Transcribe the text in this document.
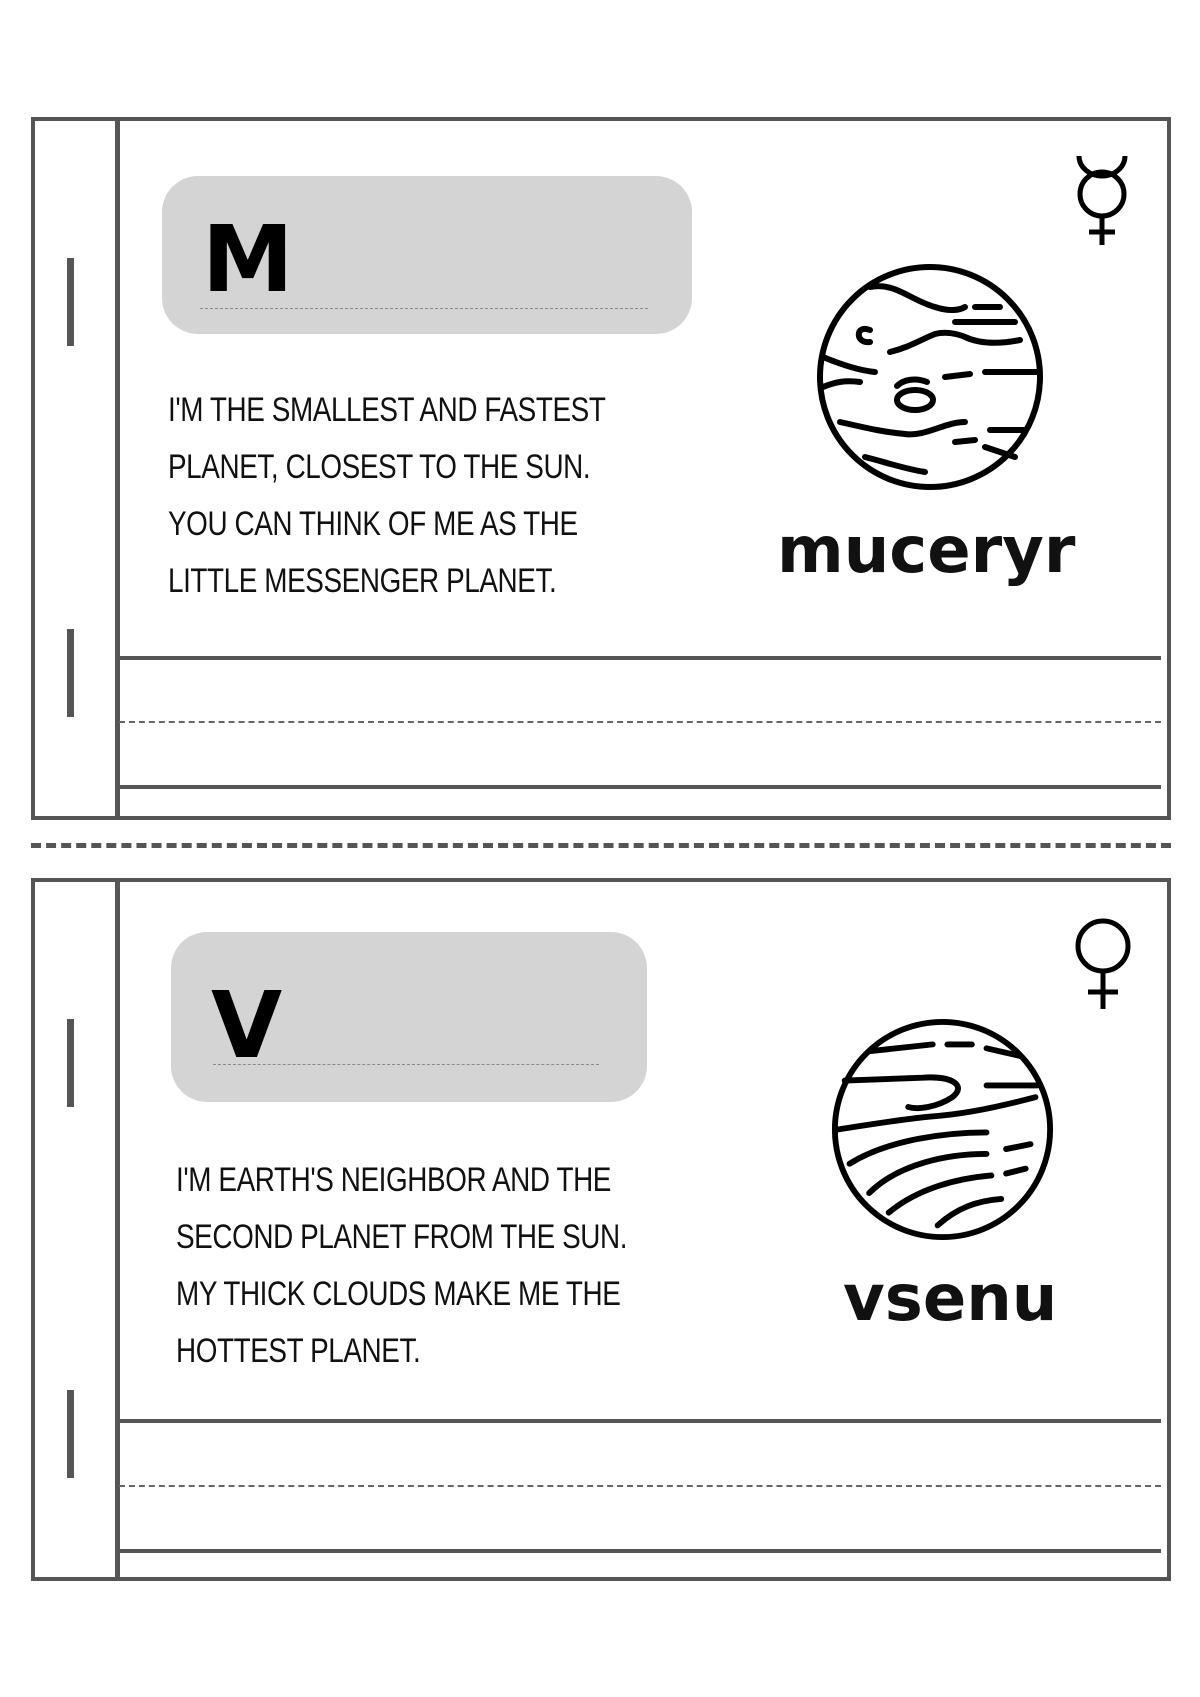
M
I'M THE SMALLEST AND FASTEST PLANET, CLOSEST TO THE SUN. YOU CAN THINK OF ME AS THE LITTLE MESSENGER PLANET.	muceryr
V
I'M EARTH'S NEIGHBOR AND THE SECOND PLANET FROM THE SUN. MY THICK CLOUDS MAKE ME THE HOTTEST PLANET.
vsenu
